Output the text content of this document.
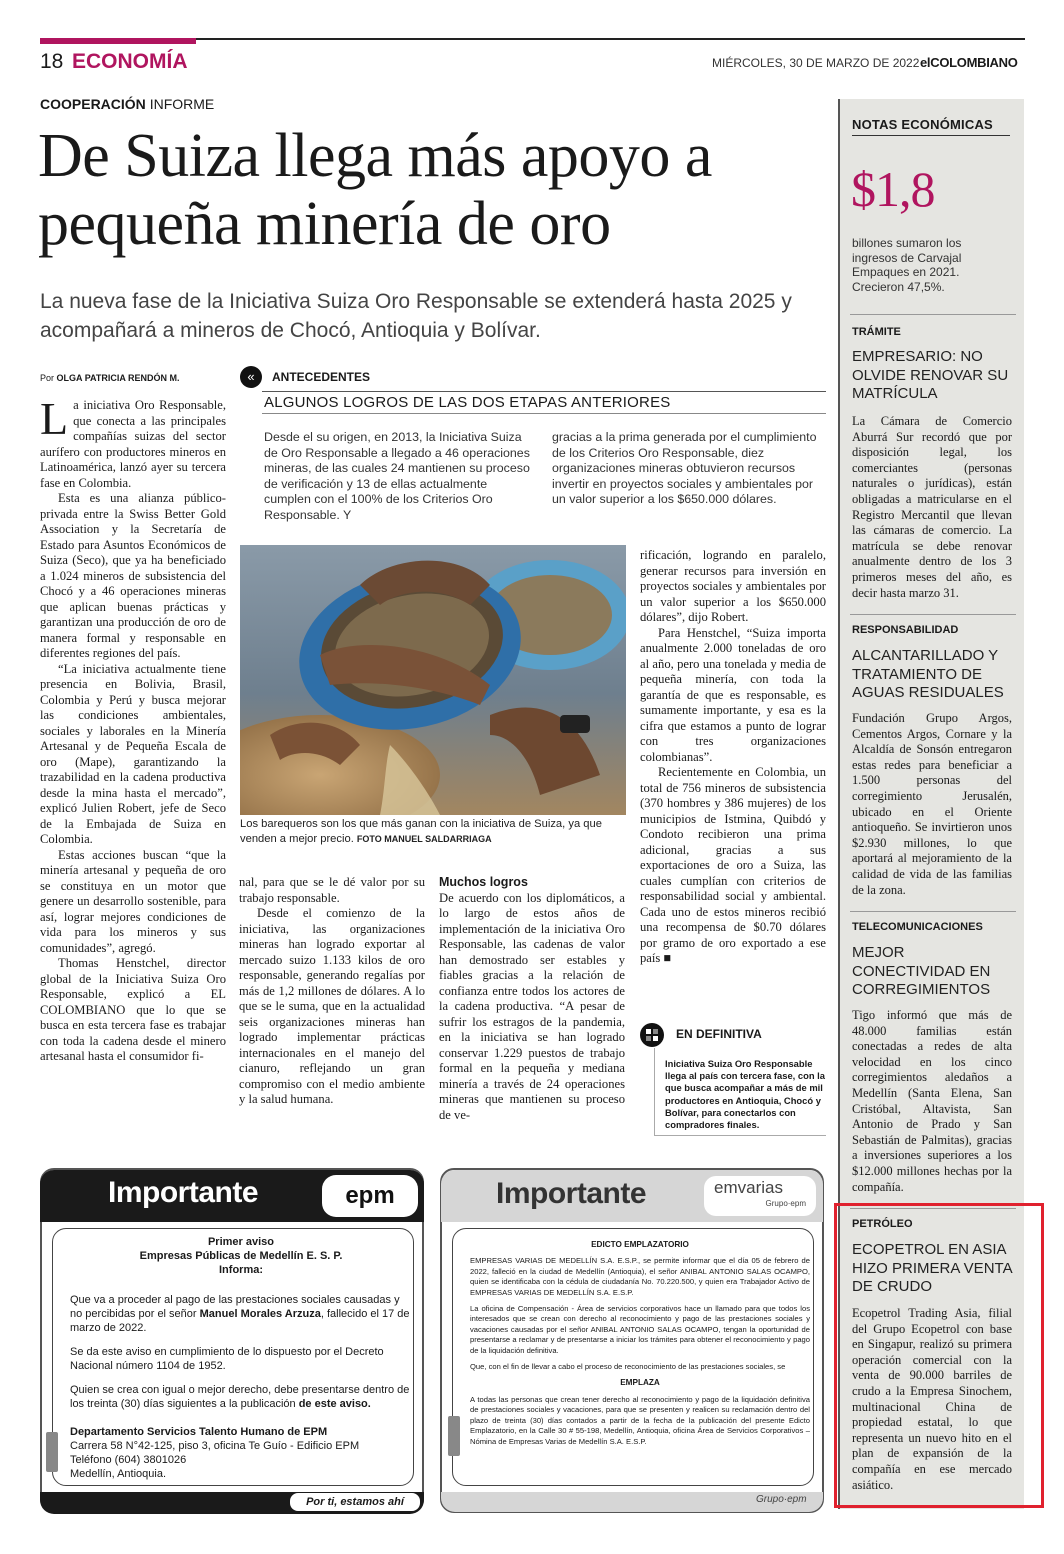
18 ECONOMÍA	MIÉRCOLES, 30 DE MARZO DE 2022 elCOLOMBIANO
COOPERACIÓN INFORME
De Suiza llega más apoyo a pequeña minería de oro
La nueva fase de la Iniciativa Suiza Oro Responsable se extenderá hasta 2025 y acompañará a mineros de Chocó, Antioquia y Bolívar.
Por OLGA PATRICIA RENDÓN M.

La iniciativa Oro Responsable, que conecta a las principales compañías suizas del sector aurífero con productores mineros en Latinoamérica, lanzó ayer su tercera fase en Colombia.

Esta es una alianza público-privada entre la Swiss Better Gold Association y la Secretaría de Estado para Asuntos Económicos de Suiza (Seco), que ya ha beneficiado a 1.024 mineros de subsistencia del Chocó y a 46 operaciones mineras que aplican buenas prácticas y garantizan una producción de oro de manera formal y responsable en diferentes regiones del país.

“La iniciativa actualmente tiene presencia en Bolivia, Brasil, Colombia y Perú y busca mejorar las condiciones ambientales, sociales y laborales en la Minería Artesanal y de Pequeña Escala de oro (Mape), garantizando la trazabilidad en la cadena productiva desde la mina hasta el mercado”, explicó Julien Robert, jefe de Seco de la Embajada de Suiza en Colombia.

Estas acciones buscan “que la minería artesanal y pequeña de oro se constituya en un motor que genere un desarrollo sostenible, para así, lograr mejores condiciones de vida para los mineros y sus comunidades”, agregó.

Thomas Henstchel, director global de la Iniciativa Suiza Oro Responsable, explicó a EL COLOMBIANO que lo que se busca en esta tercera fase es trabajar con toda la cadena desde el minero artesanal hasta el consumidor fi-

«	ANTECEDENTES
ALGUNOS LOGROS DE LAS DOS ETAPAS ANTERIORES
Desde el su origen, en 2013, la Iniciativa Suiza de Oro Responsable a llegado a 46 operaciones mineras, de las cuales 24 mantienen su proceso de verificación y 13 de ellas actualmente cumplen con el 100% de los Criterios Oro Responsable. Y
gracias a la prima generada por el cumplimiento de los Criterios Oro Responsable, diez organizaciones mineras obtuvieron recursos invertir en proyectos sociales y ambientales por un valor superior a los $650.000 dólares.
Los barequeros son los que más ganan con la iniciativa de Suiza, ya que venden a mejor precio. FOTO MANUEL SALDARRIAGA

nal, para que se le dé valor por su trabajo responsable.

Desde el comienzo de la iniciativa, las organizaciones mineras han logrado exportar al mercado suizo 1.133 kilos de oro responsable, generando regalías por más de 1,2 millones de dólares. A lo que se le suma, que en la actualidad seis organizaciones mineras han logrado implementar prácticas internacionales en el manejo del cianuro, reflejando un gran compromiso con el medio ambiente y la salud humana.

Muchos logros

De acuerdo con los diplomáticos, a lo largo de estos años de implementación de la iniciativa Oro Responsable, las cadenas de valor han demostrado ser estables y fiables gracias a la relación de confianza entre todos los actores de la cadena productiva. “A pesar de sufrir los estragos de la pandemia, en la iniciativa se han logrado conservar 1.229 puestos de trabajo formal en la pequeña y mediana minería a través de 24 operaciones mineras que mantienen su proceso de ve-

rificación, logrando en paralelo, generar recursos para inversión en proyectos sociales y ambientales por un valor superior a los $650.000 dólares”, dijo Robert.

Para Henstchel, “Suiza importa anualmente 2.000 toneladas de oro al año, pero una tonelada y media de pequeña minería, con toda la garantía de que es responsable, es sumamente importante, y esa es la cifra que estamos a punto de lograr con tres organizaciones colombianas”.

Recientemente en Colombia, un total de 756 mineros de subsistencia (370 hombres y 386 mujeres) de los municipios de Istmina, Quibdó y Condoto recibieron una prima adicional, gracias a sus exportaciones de oro a Suiza, las cuales cumplían con criterios de responsabilidad social y ambiental. Cada uno de estos mineros recibió una recompensa de $0.70 dólares por gramo de oro exportado a ese país ■

EN DEFINITIVA
Iniciativa Suiza Oro Responsable llega al país con tercera fase, con la que busca acompañar a más de mil productores en Antioquia, Chocó y Bolívar, para conectarlos con compradores finales.
NOTAS ECONÓMICAS
$1,8
billones sumaron los ingresos de Carvajal Empaques en 2021. Crecieron 47,5%.
TRÁMITE
EMPRESARIO: NO OLVIDE RENOVAR SU MATRÍCULA
La Cámara de Comercio Aburrá Sur recordó que por disposición legal, los comerciantes (personas naturales o jurídicas), están obligadas a matricularse en el Registro Mercantil que llevan las cámaras de comercio. La matrícula se debe renovar anualmente dentro de los 3 primeros meses del año, es decir hasta marzo 31.
RESPONSABILIDAD
ALCANTARILLADO Y TRATAMIENTO DE AGUAS RESIDUALES
Fundación Grupo Argos, Cementos Argos, Cornare y la Alcaldía de Sonsón entregaron estas redes para beneficiar a 1.500 personas del corregimiento Jerusalén, ubicado en el Oriente antioqueño. Se invirtieron unos $2.930 millones, lo que aportará al mejoramiento de la calidad de vida de las familias de la zona.
TELECOMUNICACIONES
MEJOR CONECTIVIDAD EN CORREGIMIENTOS
Tigo informó que más de 48.000 familias están conectadas a redes de alta velocidad en los cinco corregimientos aledaños a Medellín (Santa Elena, San Cristóbal, Altavista, San Antonio de Prado y San Sebastián de Palmitas), gracias a inversiones superiores a los $12.000 millones hechas por la compañía.
PETRÓLEO
ECOPETROL EN ASIA HIZO PRIMERA VENTA DE CRUDO
Ecopetrol Trading Asia, filial del Grupo Ecopetrol con base en Singapur, realizó su primera operación comercial con la venta de 90.000 barriles de crudo a la Empresa Sinochem, multinacional China de propiedad estatal, lo que representa un nuevo hito en el plan de expansión de la compañía en ese mercado asiático.
Importante	epm
Primer aviso
Empresas Públicas de Medellín E. S. P.
Informa:

Que va a proceder al pago de las prestaciones sociales causadas y no percibidas por el señor Manuel Morales Arzuza, fallecido el 17 de marzo de 2022.

Se da este aviso en cumplimiento de lo dispuesto por el Decreto Nacional número 1104 de 1952.

Quien se crea con igual o mejor derecho, debe presentarse dentro de los treinta (30) días siguientes a la publicación de este aviso.

Departamento Servicios Talento Humano de EPM
Carrera 58 N°42-125, piso 3, oficina Te Guío - Edificio EPM
Teléfono (604) 3801026
Medellín, Antioquia.
Por ti, estamos ahí
Importante	emvarias
Grupo·epm
EDICTO EMPLAZATORIO

EMPRESAS VARIAS DE MEDELLÍN S.A. E.S.P., se permite informar que el día 05 de febrero de 2022, falleció en la ciudad de Medellín (Antioquia), el señor ANIBAL ANTONIO SALAS OCAMPO, quien se identificaba con la cédula de ciudadanía No. 70.220.500, y quien era Trabajador Activo de EMPRESAS VARIAS DE MEDELLÍN S.A. E.S.P.

La oficina de Compensación - Área de servicios corporativos hace un llamado para que todos los interesados que se crean con derecho al reconocimiento y pago de las prestaciones sociales y vacaciones causadas por el señor ANIBAL ANTONIO SALAS OCAMPO, tengan la oportunidad de presentarse a reclamar y de presentarse a iniciar los trámites para obtener el reconocimiento y pago de la liquidación definitiva.

Que, con el fin de llevar a cabo el proceso de reconocimiento de las prestaciones sociales, se

EMPLAZA

A todas las personas que crean tener derecho al reconocimiento y pago de la liquidación definitiva de prestaciones sociales y vacaciones, para que se presenten y realicen su reclamación dentro del plazo de treinta (30) días contados a partir de la fecha de la publicación del presente Edicto Emplazatorio, en la Calle 30 # 55-198, Medellín, Antioquia, oficina Área de Servicios Corporativos – Nómina de Empresas Varias de Medellín S.A. E.S.P.

Grupo·epm
